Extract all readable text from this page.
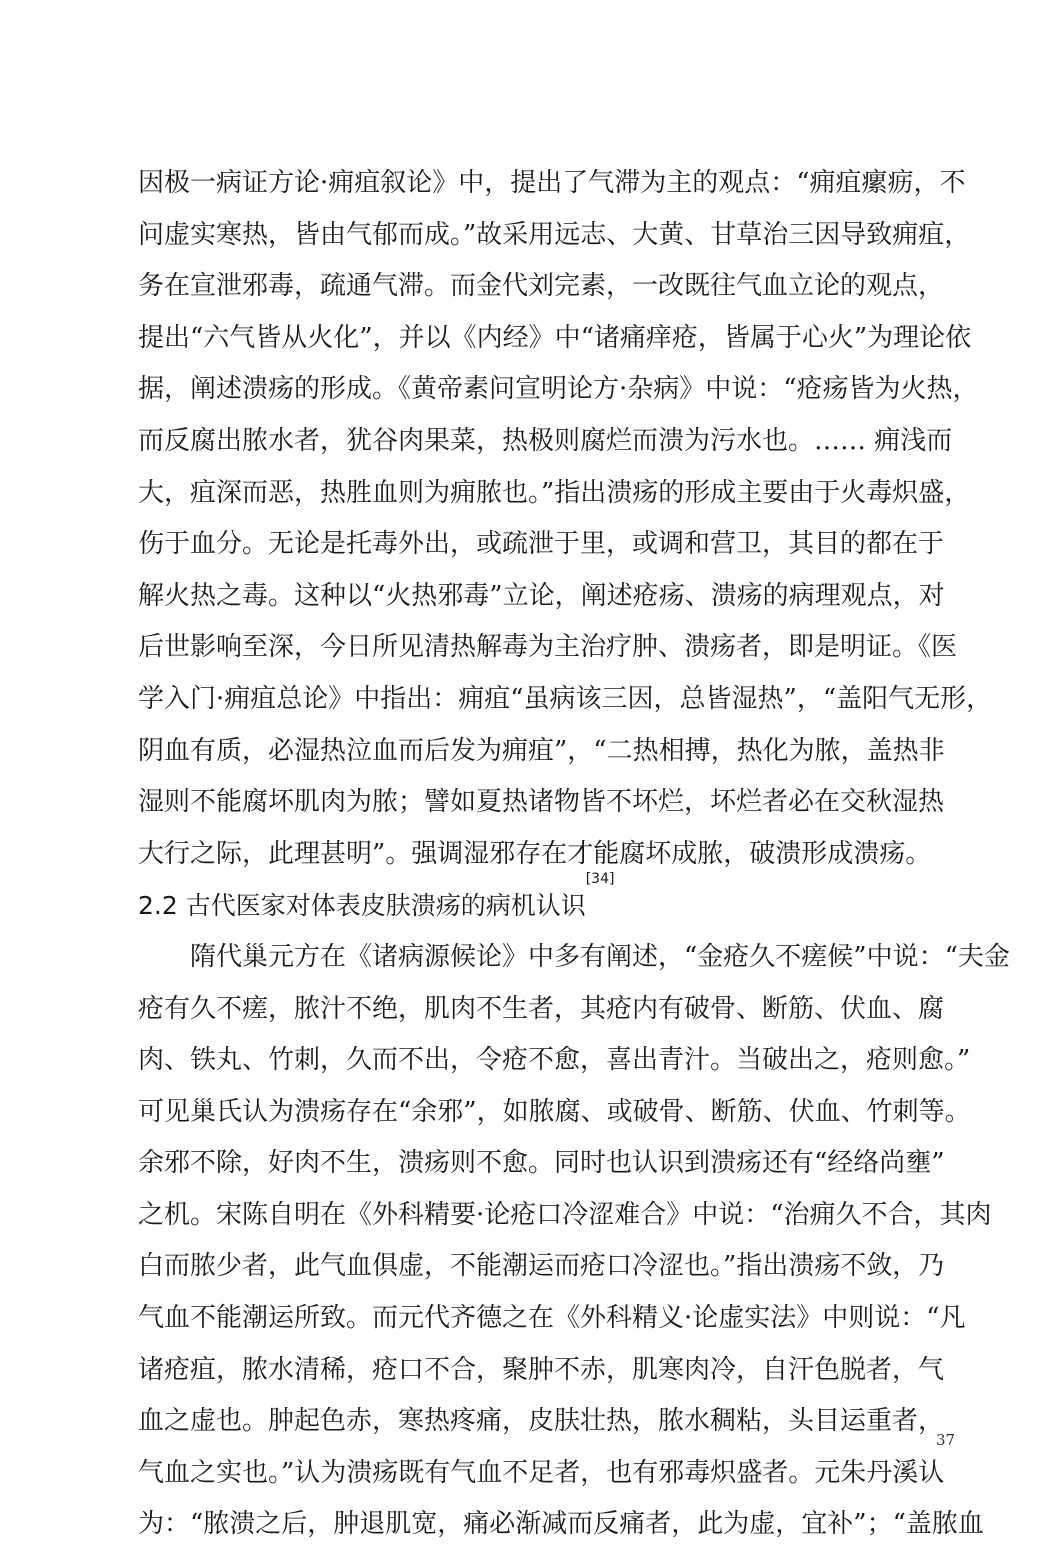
因极一病证方论·痈疽叙论》中，提出了气滞为主的观点：“痈疽瘰疬，不
问虚实寒热，皆由气郁而成。”故采用远志、大黄、甘草治三因导致痈疽，
务在宣泄邪毒，疏通气滞。而金代刘完素，一改既往气血立论的观点，
提出“六气皆从火化”，并以《内经》中“诸痛痒疮，皆属于心火”为理论依
据，阐述溃疡的形成。《黄帝素问宣明论方·杂病》中说：“疮疡皆为火热，
而反腐出脓水者，犹谷肉果菜，热极则腐烂而溃为污水也。…… 痈浅而
大，疽深而恶，热胜血则为痈脓也。”指出溃疡的形成主要由于火毒炽盛，
伤于血分。无论是托毒外出，或疏泄于里，或调和营卫，其目的都在于
解火热之毒。这种以“火热邪毒”立论，阐述疮疡、溃疡的病理观点，对
后世影响至深，今日所见清热解毒为主治疗肿、溃疡者，即是明证。《医
学入门·痈疽总论》中指出：痈疽“虽病该三因，总皆湿热”，“盖阳气无形，
阴血有质，必湿热泣血而后发为痈疽”，“二热相搏，热化为脓，盖热非
湿则不能腐坏肌肉为脓；譬如夏热诸物皆不坏烂，坏烂者必在交秋湿热
大行之际，此理甚明”。强调湿邪存在才能腐坏成脓，破溃形成溃疡。
2.2 古代医家对体表皮肤溃疡的病机认识[34]
　　隋代巢元方在《诸病源候论》中多有阐述，“金疮久不瘥候”中说：“夫金
疮有久不瘥，脓汁不绝，肌肉不生者，其疮内有破骨、断筋、伏血、腐
肉、铁丸、竹刺，久而不出，令疮不愈，喜出青汁。当破出之，疮则愈。”
可见巢氏认为溃疡存在“余邪”，如脓腐、或破骨、断筋、伏血、竹刺等。
余邪不除，好肉不生，溃疡则不愈。同时也认识到溃疡还有“经络尚壅”
之机。宋陈自明在《外科精要·论疮口冷涩难合》中说：“治痈久不合，其肉
白而脓少者，此气血俱虚，不能潮运而疮口冷涩也。”指出溃疡不敛，乃
气血不能潮运所致。而元代齐德之在《外科精义·论虚实法》中则说：“凡
诸疮疽，脓水清稀，疮口不合，聚肿不赤，肌寒肉冷，自汗色脱者，气
血之虚也。肿起色赤，寒热疼痛，皮肤壮热，脓水稠粘，头目运重者，
气血之实也。”认为溃疡既有气血不足者，也有邪毒炽盛者。元朱丹溪认
为：“脓溃之后，肿退肌宽，痛必渐减而反痛者，此为虚，宜补”；“盖脓血
37
